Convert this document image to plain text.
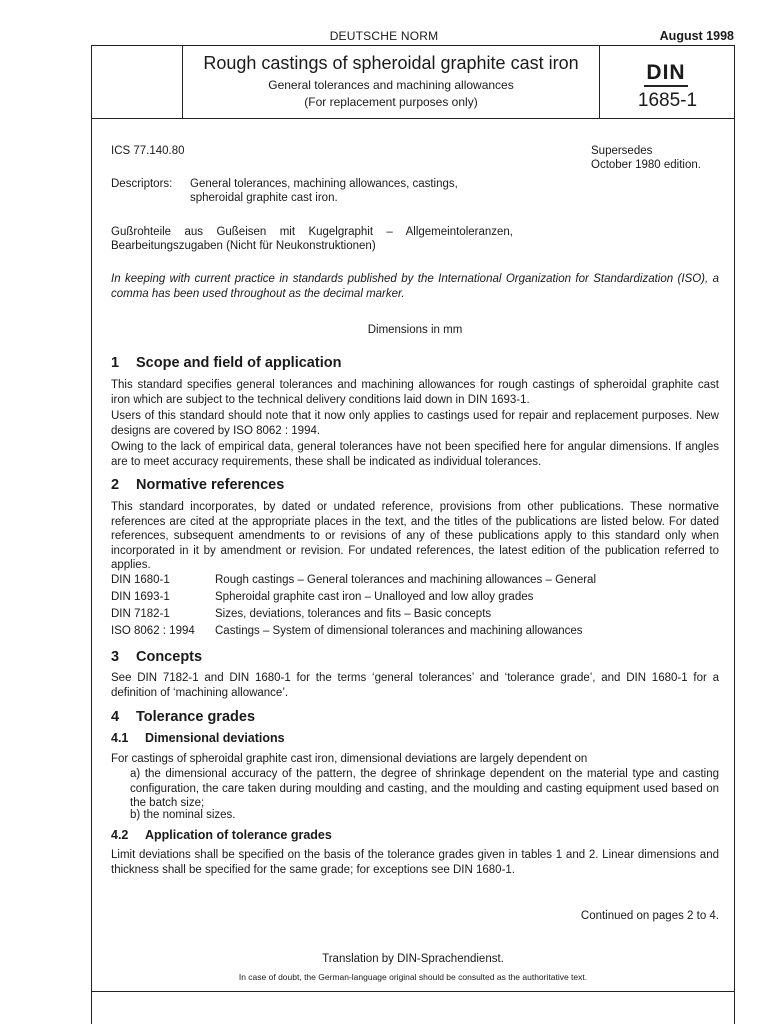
DEUTSCHE NORM	August 1998
Rough castings of spheroidal graphite cast iron
General tolerances and machining allowances
(For replacement purposes only)
DIN
1685-1
ICS 77.140.80	Supersedes
October 1980 edition.
Descriptors: General tolerances, machining allowances, castings,
spheroidal graphite cast iron.
Gußrohteile aus Gußeisen mit Kugelgraphit – Allgemeintoleranzen,
Bearbeitungszugaben (Nicht für Neukonstruktionen)
In keeping with current practice in standards published by the International Organization for Standardization (ISO), a comma has been used throughout as the decimal marker.
Dimensions in mm
1 Scope and field of application
This standard specifies general tolerances and machining allowances for rough castings of spheroidal graphite cast iron which are subject to the technical delivery conditions laid down in DIN 1693-1.
Users of this standard should note that it now only applies to castings used for repair and replacement purposes. New designs are covered by ISO 8062 : 1994.
Owing to the lack of empirical data, general tolerances have not been specified here for angular dimensions. If angles are to meet accuracy requirements, these shall be indicated as individual tolerances.
2 Normative references
This standard incorporates, by dated or undated reference, provisions from other publications. These normative references are cited at the appropriate places in the text, and the titles of the publications are listed below. For dated references, subsequent amendments to or revisions of any of these publications apply to this standard only when incorporated in it by amendment or revision. For undated references, the latest edition of the publication referred to applies.
DIN 1680-1	Rough castings – General tolerances and machining allowances – General
DIN 1693-1	Spheroidal graphite cast iron – Unalloyed and low alloy grades
DIN 7182-1	Sizes, deviations, tolerances and fits – Basic concepts
ISO 8062 : 1994 Castings – System of dimensional tolerances and machining allowances
3 Concepts
See DIN 7182-1 and DIN 1680-1 for the terms ‘general tolerances’ and ‘tolerance grade’, and DIN 1680-1 for a definition of ‘machining allowance’.
4 Tolerance grades
4.1 Dimensional deviations
For castings of spheroidal graphite cast iron, dimensional deviations are largely dependent on
a) the dimensional accuracy of the pattern, the degree of shrinkage dependent on the material type and casting configuration, the care taken during moulding and casting, and the moulding and casting equipment used based on the batch size;
b) the nominal sizes.
4.2 Application of tolerance grades
Limit deviations shall be specified on the basis of the tolerance grades given in tables 1 and 2. Linear dimensions and thickness shall be specified for the same grade; for exceptions see DIN 1680-1.
Continued on pages 2 to 4.
Translation by DIN-Sprachendienst.
In case of doubt, the German-language original should be consulted as the authoritative text.
